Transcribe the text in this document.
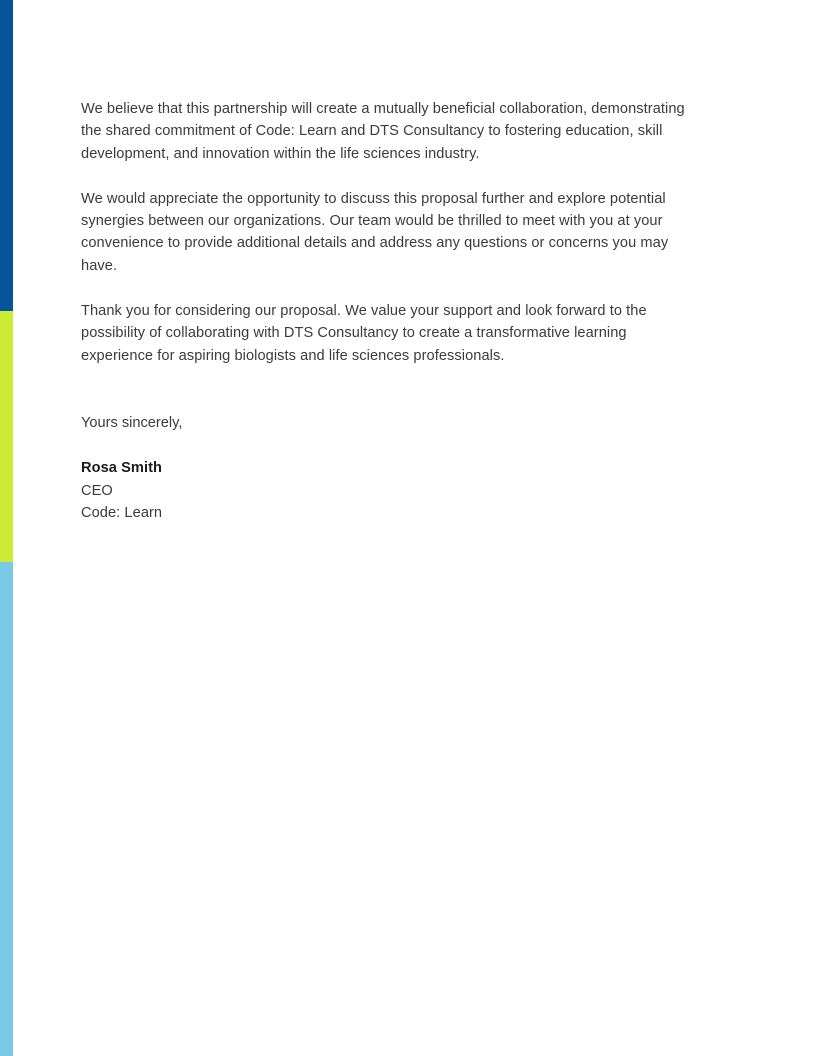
We believe that this partnership will create a mutually beneficial collaboration, demonstrating the shared commitment of Code: Learn and DTS Consultancy to fostering education, skill development, and innovation within the life sciences industry.

We would appreciate the opportunity to discuss this proposal further and explore potential synergies between our organizations. Our team would be thrilled to meet with you at your convenience to provide additional details and address any questions or concerns you may have.

Thank you for considering our proposal. We value your support and look forward to the possibility of collaborating with DTS Consultancy to create a transformative learning experience for aspiring biologists and life sciences professionals.

Yours sincerely,

Rosa Smith
CEO
Code: Learn
